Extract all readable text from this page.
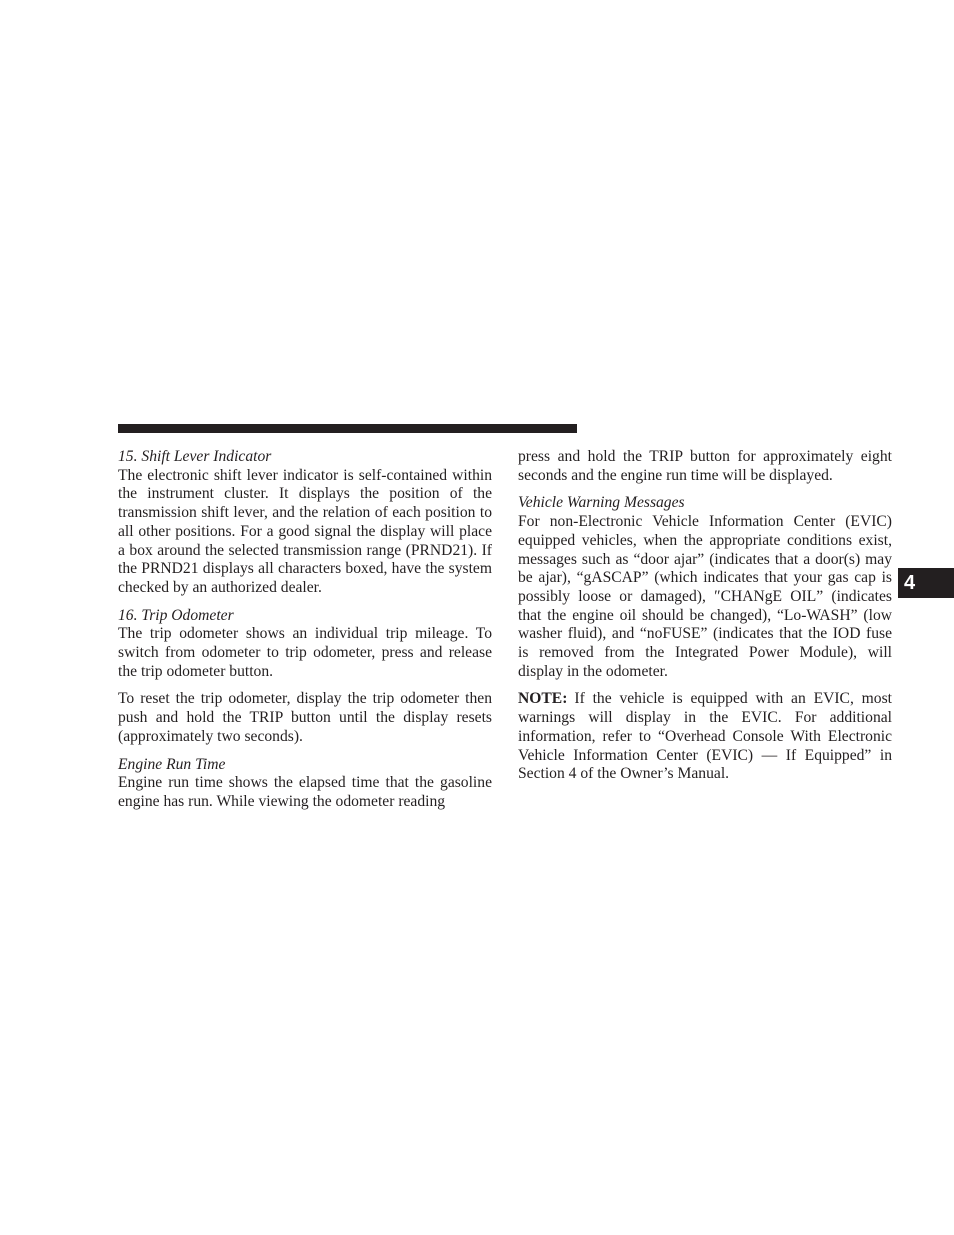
15. Shift Lever Indicator

The electronic shift lever indicator is self-contained within the instrument cluster. It displays the position of the transmission shift lever, and the relation of each position to all other positions. For a good signal the display will place a box around the selected transmission range (PRND21). If the PRND21 displays all characters boxed, have the system checked by an authorized dealer.

16. Trip Odometer

The trip odometer shows an individual trip mileage. To switch from odometer to trip odometer, press and release the trip odometer button.

To reset the trip odometer, display the trip odometer then push and hold the TRIP button until the display resets (approximately two seconds).

Engine Run Time

Engine run time shows the elapsed time that the gasoline engine has run. While viewing the odometer reading

press and hold the TRIP button for approximately eight seconds and the engine run time will be displayed.

Vehicle Warning Messages

For non-Electronic Vehicle Information Center (EVIC) equipped vehicles, when the appropriate conditions exist, messages such as “door ajar” (indicates that a door(s) may be ajar), “gASCAP” (which indicates that your gas cap is possibly loose or damaged), ″CHANgE OIL” (indicates that the engine oil should be changed), “Lo-WASH” (low washer fluid), and “noFUSE” (indicates that the IOD fuse is removed from the Integrated Power Module), will display in the odometer.

NOTE: If the vehicle is equipped with an EVIC, most warnings will display in the EVIC. For additional information, refer to “Overhead Console With Electronic Vehicle Information Center (EVIC) — If Equipped” in Section 4 of the Owner’s Manual.

4
